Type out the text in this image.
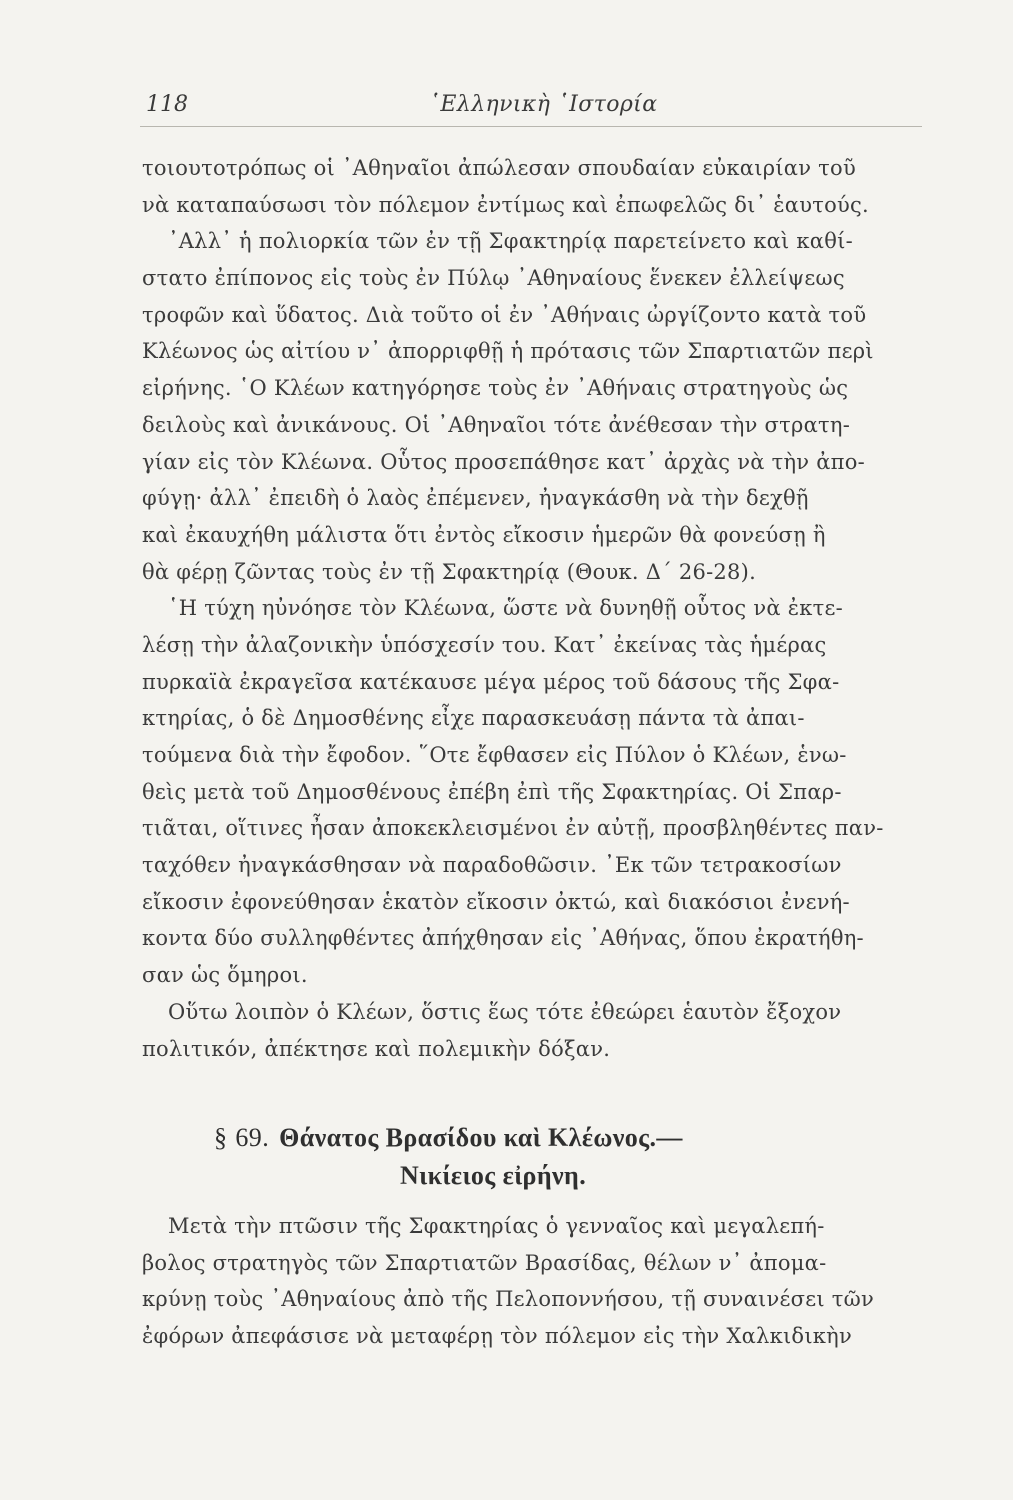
118	῾Ελληνικὴ ῾Ιστορία
τοιουτοτρόπως οἱ ᾿Αθηναῖοι ἀπώλεσαν σπουδαίαν εὐκαιρίαν τοῦ
νὰ καταπαύσωσι τὸν πόλεμον ἐντίμως καὶ ἐπωφελῶς δι᾿ ἑαυτούς.
᾿Αλλ᾿ ἡ πολιορκία τῶν ἐν τῇ Σφακτηρίᾳ παρετείνετο καὶ καθί-
στατο ἐπίπονος εἰς τοὺς ἐν Πύλῳ ᾿Αθηναίους ἕνεκεν ἐλλείψεως
τροφῶν καὶ ὕδατος. Διὰ τοῦτο οἱ ἐν ᾿Αθήναις ὠργίζοντο κατὰ τοῦ
Κλέωνος ὡς αἰτίου ν᾿ ἀπορριφθῇ ἡ πρότασις τῶν Σπαρτιατῶν περὶ
εἰρήνης. ῾Ο Κλέων κατηγόρησε τοὺς ἐν ᾿Αθήναις στρατηγοὺς ὡς
δειλοὺς καὶ ἀνικάνους. Οἱ ᾿Αθηναῖοι τότε ἀνέθεσαν τὴν στρατη-
γίαν εἰς τὸν Κλέωνα. Οὗτος προσεπάθησε κατ᾿ ἀρχὰς νὰ τὴν ἀπο-
φύγῃ· ἀλλ᾿ ἐπειδὴ ὁ λαὸς ἐπέμενεν, ἠναγκάσθη νὰ τὴν δεχθῇ
καὶ ἐκαυχήθη μάλιστα ὅτι ἐντὸς εἴκοσιν ἡμερῶν θὰ φονεύσῃ ἢ
θὰ φέρῃ ζῶντας τοὺς ἐν τῇ Σφακτηρίᾳ (Θουκ. Δ΄ 26-28).
῾Η τύχη ηὐνόησε τὸν Κλέωνα, ὥστε νὰ δυνηθῇ οὗτος νὰ ἐκτε-
λέσῃ τὴν ἀλαζονικὴν ὑπόσχεσίν του. Κατ᾿ ἐκείνας τὰς ἡμέρας
πυρκαϊὰ ἐκραγεῖσα κατέκαυσε μέγα μέρος τοῦ δάσους τῆς Σφα-
κτηρίας, ὁ δὲ Δημοσθένης εἶχε παρασκευάσῃ πάντα τὰ ἀπαι-
τούμενα διὰ τὴν ἔφοδον. ῞Οτε ἔφθασεν εἰς Πύλον ὁ Κλέων, ἑνω-
θεὶς μετὰ τοῦ Δημοσθένους ἐπέβη ἐπὶ τῆς Σφακτηρίας. Οἱ Σπαρ-
τιᾶται, οἵτινες ἦσαν ἀποκεκλεισμένοι ἐν αὐτῇ, προσβληθέντες παν-
ταχόθεν ἠναγκάσθησαν νὰ παραδοθῶσιν. ᾿Εκ τῶν τετρακοσίων
εἴκοσιν ἐφονεύθησαν ἑκατὸν εἴκοσιν ὀκτώ, καὶ διακόσιοι ἐνενή-
κοντα δύο συλληφθέντες ἀπήχθησαν εἰς ᾿Αθήνας, ὅπου ἐκρατήθη-
σαν ὡς ὅμηροι.
Οὕτω λοιπὸν ὁ Κλέων, ὅστις ἕως τότε ἐθεώρει ἑαυτὸν ἔξοχον
πολιτικόν, ἀπέκτησε καὶ πολεμικὴν δόξαν.
§ 69. Θάνατος Βρασίδου καὶ Κλέωνος.—
Νικίειος εἰρήνη.
Μετὰ τὴν πτῶσιν τῆς Σφακτηρίας ὁ γενναῖος καὶ μεγαλεπή-
βολος στρατηγὸς τῶν Σπαρτιατῶν Βρασίδας, θέλων ν᾿ ἀπομα-
κρύνῃ τοὺς ᾿Αθηναίους ἀπὸ τῆς Πελοποννήσου, τῇ συναινέσει τῶν
ἐφόρων ἀπεφάσισε νὰ μεταφέρῃ τὸν πόλεμον εἰς τὴν Χαλκιδικὴν
